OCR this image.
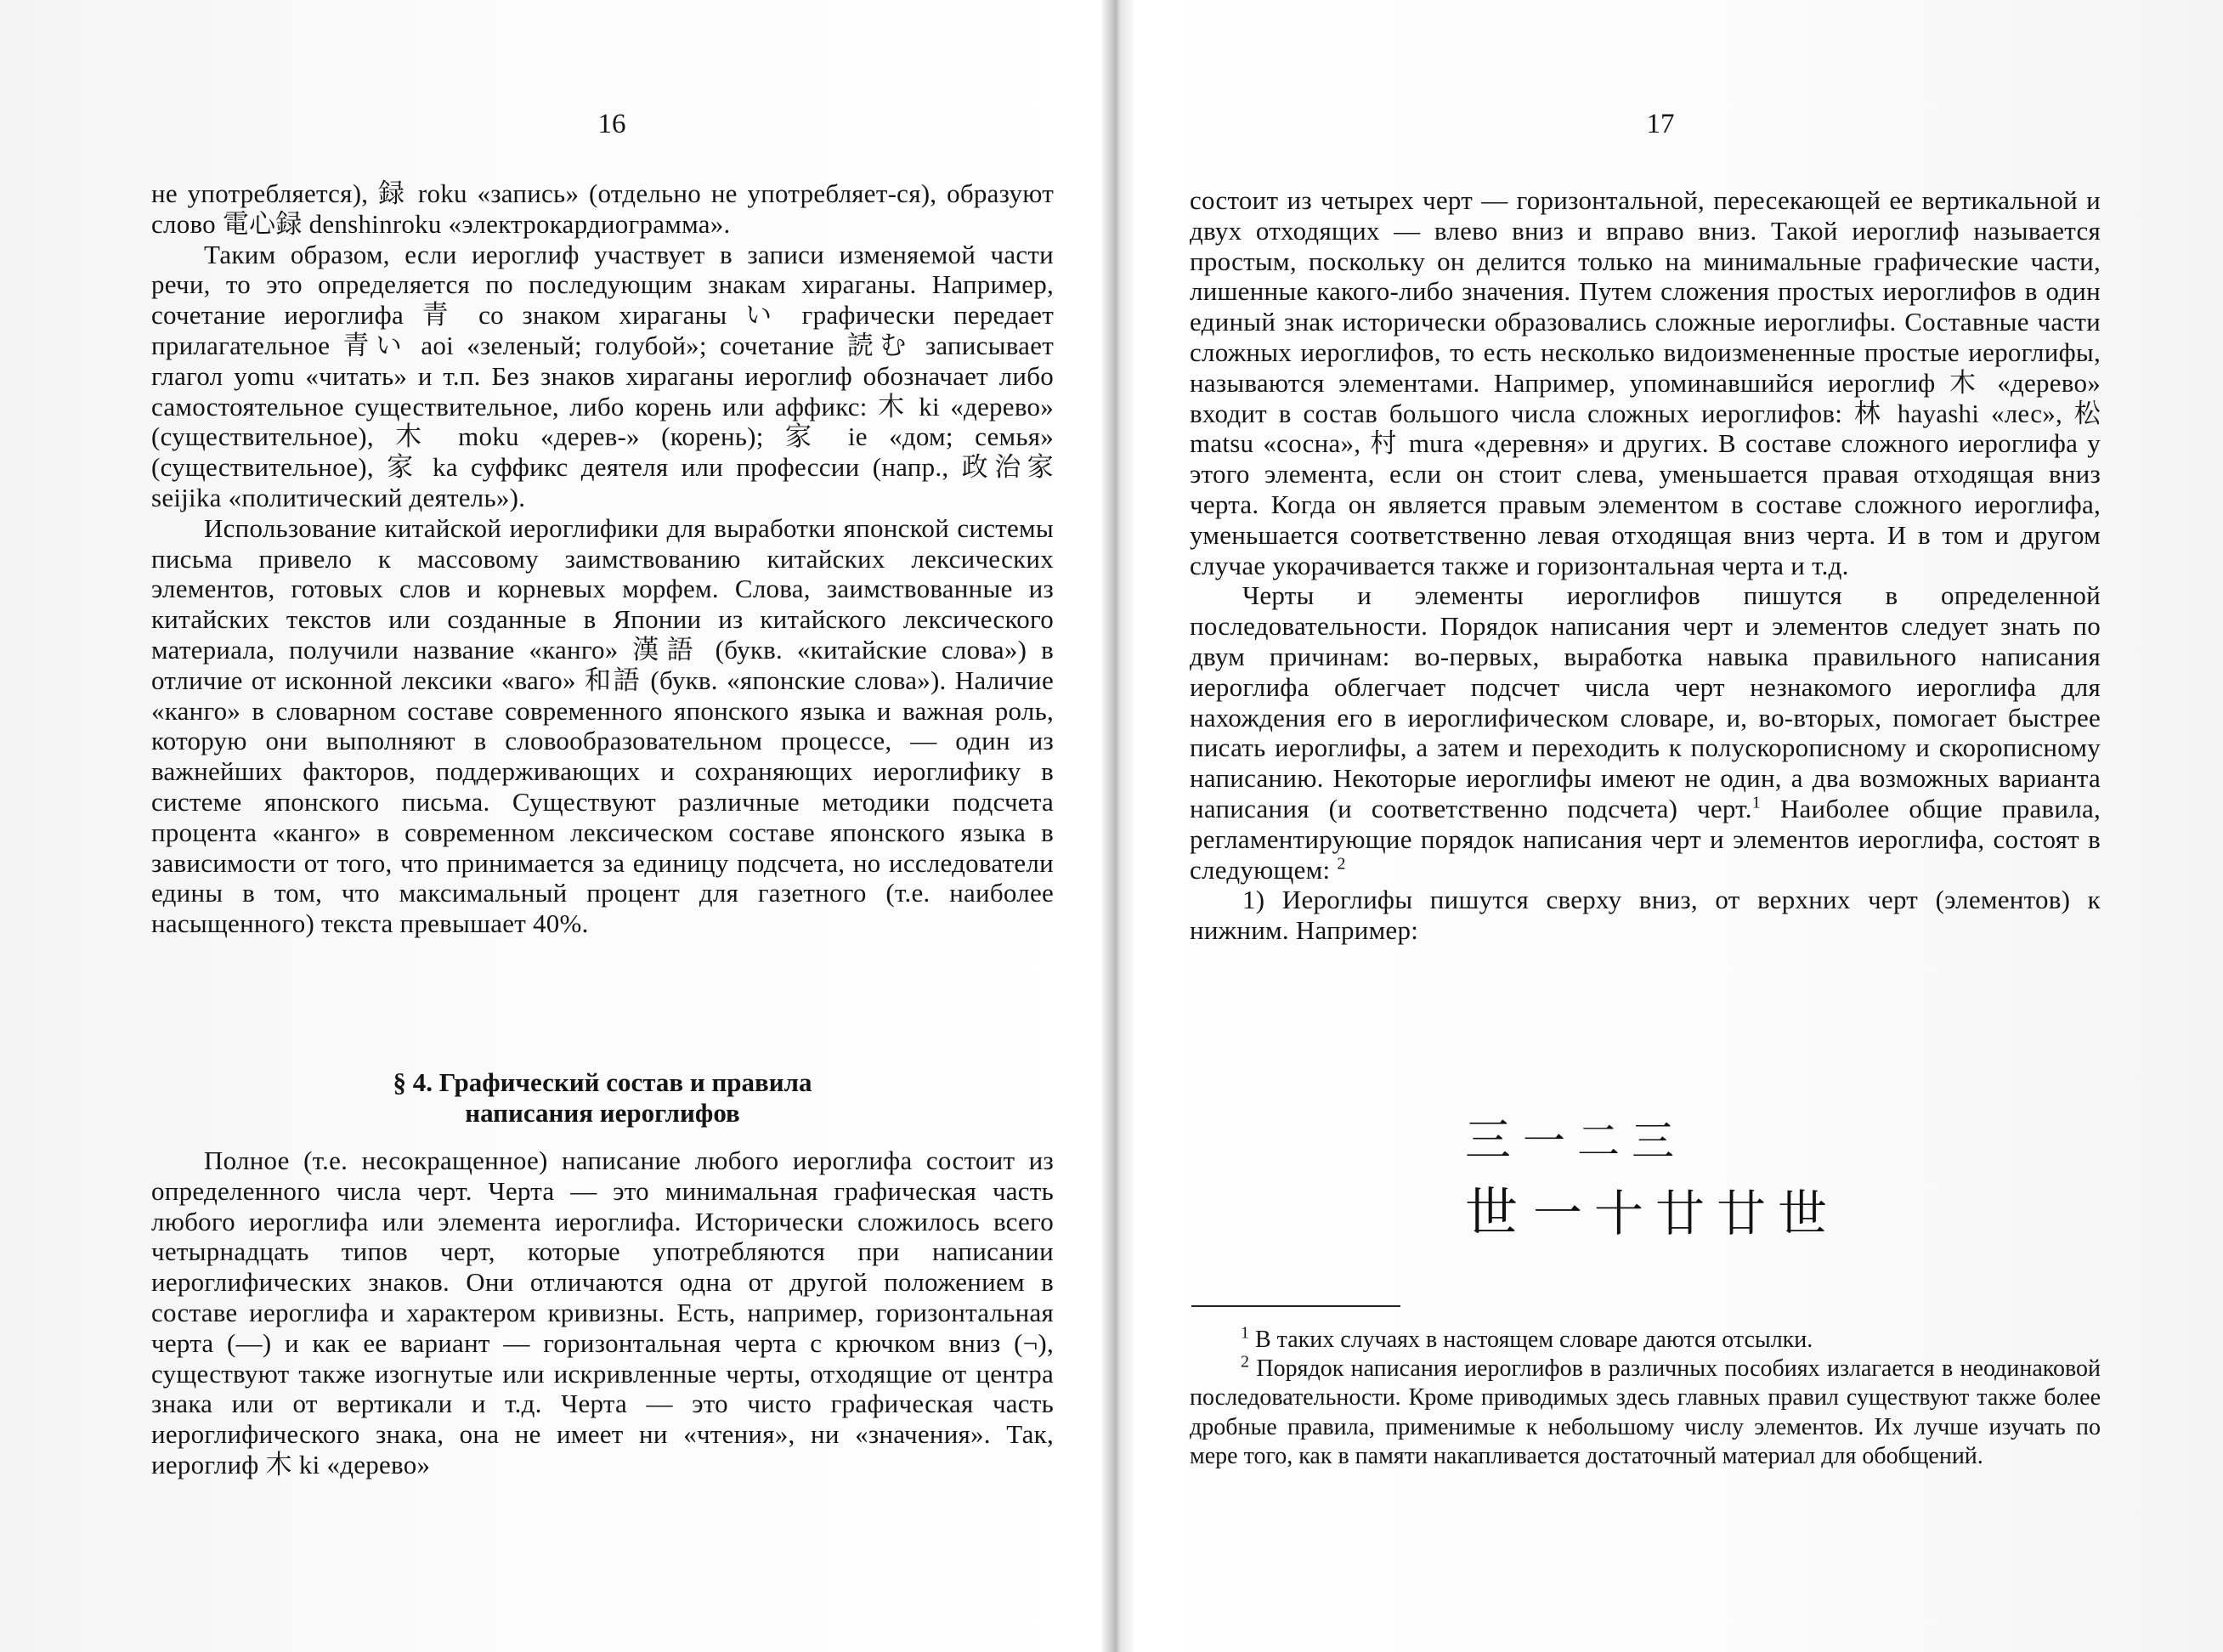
16

не употребляется), 録 roku «запись» (отдельно не употребляет-ся), образуют слово 電心録 denshinroku «электрокардиограмма».

Таким образом, если иероглиф участвует в записи изменяемой части речи, то это определяется по последующим знакам хираганы. Например, сочетание иероглифа 青 со знаком хираганы い графически передает прилагательное 青い aoi «зеленый; голубой»; сочетание 読む записывает глагол yomu «читать» и т.п. Без знаков хираганы иероглиф обозначает либо самостоятельное существительное, либо корень или аффикс: 木 ki «дерево» (существительное), 木 moku «дерев-» (корень); 家 ie «дом; семья» (существительное), 家 ka суффикс деятеля или профессии (напр., 政治家 seijika «политический деятель»).

Использование китайской иероглифики для выработки японской системы письма привело к массовому заимствованию китайских лексических элементов, готовых слов и корневых морфем. Слова, заимствованные из китайских текстов или созданные в Японии из китайского лексического материала, получили название «канго» 漢語 (букв. «китайские слова») в отличие от исконной лексики «ваго» 和語 (букв. «японские слова»). Наличие «канго» в словарном составе современного японского языка и важная роль, которую они выполняют в словообразовательном процессе, — один из важнейших факторов, поддерживающих и сохраняющих иероглифику в системе японского письма. Существуют различные методики подсчета процента «канго» в современном лексическом составе японского языка в зависимости от того, что принимается за единицу подсчета, но исследователи едины в том, что максимальный процент для газетного (т.е. наиболее насыщенного) текста превышает 40%.

§ 4. Графический состав и правила
написания иероглифов

Полное (т.е. несокращенное) написание любого иероглифа состоит из определенного числа черт. Черта — это минимальная графическая часть любого иероглифа или элемента иероглифа. Исторически сложилось всего четырнадцать типов черт, которые употребляются при написании иероглифических знаков. Они отличаются одна от другой положением в составе иероглифа и характером кривизны. Есть, например, горизонтальная черта (—) и как ее вариант — горизонтальная черта с крючком вниз (¬), существуют также изогнутые или искривленные черты, отходящие от центра знака или от вертикали и т.д. Черта — это чисто графическая часть иероглифического знака, она не имеет ни «чтения», ни «значения». Так, иероглиф 木 ki «дерево»

17

состоит из четырех черт — горизонтальной, пересекающей ее вертикальной и двух отходящих — влево вниз и вправо вниз. Такой иероглиф называется простым, поскольку он делится только на минимальные графические части, лишенные какого-либо значения. Путем сложения простых иероглифов в один единый знак исторически образовались сложные иероглифы. Составные части сложных иероглифов, то есть несколько видоизмененные простые иероглифы, называются элементами. Например, упоминавшийся иероглиф 木 «дерево» входит в состав большого числа сложных иероглифов: 林 hayashi «лес», 松 matsu «сосна», 村 mura «деревня» и других. В составе сложного иероглифа у этого элемента, если он стоит слева, уменьшается правая отходящая вниз черта. Когда он является правым элементом в составе сложного иероглифа, уменьшается соответственно левая отходящая вниз черта. И в том и другом случае укорачивается также и горизонтальная черта и т.д.

Черты и элементы иероглифов пишутся в определенной последовательности. Порядок написания черт и элементов следует знать по двум причинам: во-первых, выработка навыка правильного написания иероглифа облегчает подсчет числа черт незнакомого иероглифа для нахождения его в иероглифическом словаре, и, во-вторых, помогает быстрее писать иероглифы, а затем и переходить к полускорописному и скорописному написанию. Некоторые иероглифы имеют не один, а два возможных варианта написания (и соответственно подсчета) черт.$^1$ Наиболее общие правила, регламентирующие порядок написания черт и элементов иероглифа, состоят в следующем: $^2$

1) Иероглифы пишутся сверху вниз, от верхних черт (элементов) к нижним. Например:

三 一 二 三
世 一 十 廿 廿 世

$^1$ В таких случаях в настоящем словаре даются отсылки.

$^2$ Порядок написания иероглифов в различных пособиях излагается в неодинаковой последовательности. Кроме приводимых здесь главных правил существуют также более дробные правила, применимые к небольшому числу элементов. Их лучше изучать по мере того, как в памяти накапливается достаточный материал для обобщений.
